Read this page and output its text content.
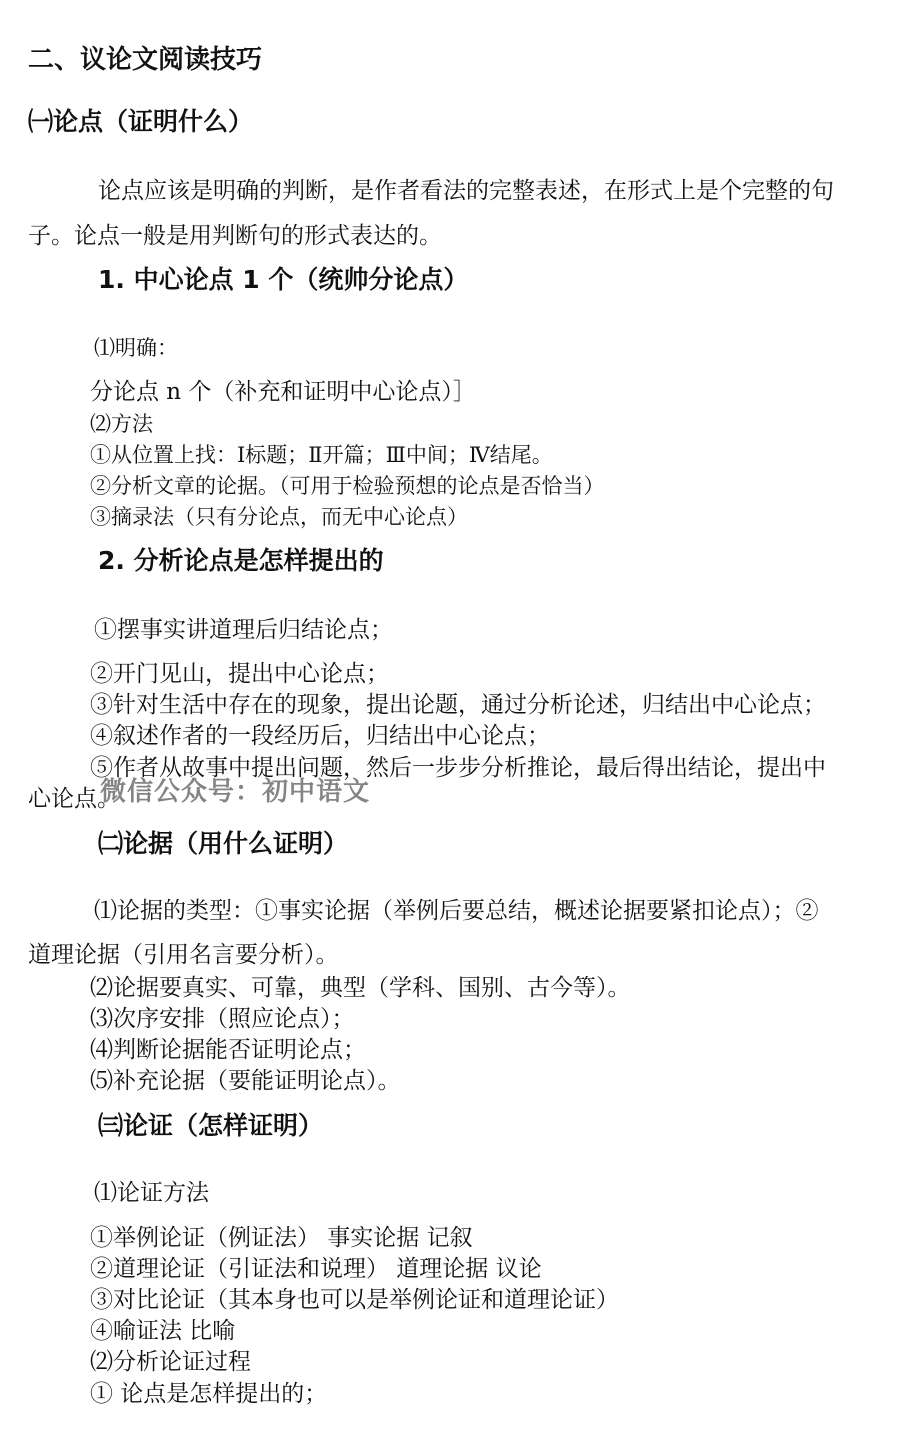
二、议论文阅读技巧
㈠论点（证明什么）
论点应该是明确的判断，是作者看法的完整表述，在形式上是个完整的句
子。论点一般是用判断句的形式表达的。
1. 中心论点 1 个（统帅分论点）
⑴明确：
分论点 n 个（补充和证明中心论点）］
⑵方法
①从位置上找：Ⅰ标题；Ⅱ开篇；Ⅲ中间；Ⅳ结尾。
②分析文章的论据。（可用于检验预想的论点是否恰当）
③摘录法（只有分论点，而无中心论点）
2. 分析论点是怎样提出的
①摆事实讲道理后归结论点；
②开门见山，提出中心论点；
③针对生活中存在的现象，提出论题，通过分析论述，归结出中心论点；
④叙述作者的一段经历后，归结出中心论点；
⑤作者从故事中提出问题，然后一步步分析推论，最后得出结论，提出中
心论点。
微信公众号：初中语文
㈡论据（用什么证明）
⑴论据的类型：①事实论据（举例后要总结，概述论据要紧扣论点）；②
道理论据（引用名言要分析）。
⑵论据要真实、可靠，典型（学科、国别、古今等）。
⑶次序安排（照应论点）；
⑷判断论据能否证明论点；
⑸补充论据（要能证明论点）。
㈢论证（怎样证明）
⑴论证方法
①举例论证（例证法） 事实论据 记叙
②道理论证（引证法和说理） 道理论据 议论
③对比论证（其本身也可以是举例论证和道理论证）
④喻证法 比喻
⑵分析论证过程
① 论点是怎样提出的；
